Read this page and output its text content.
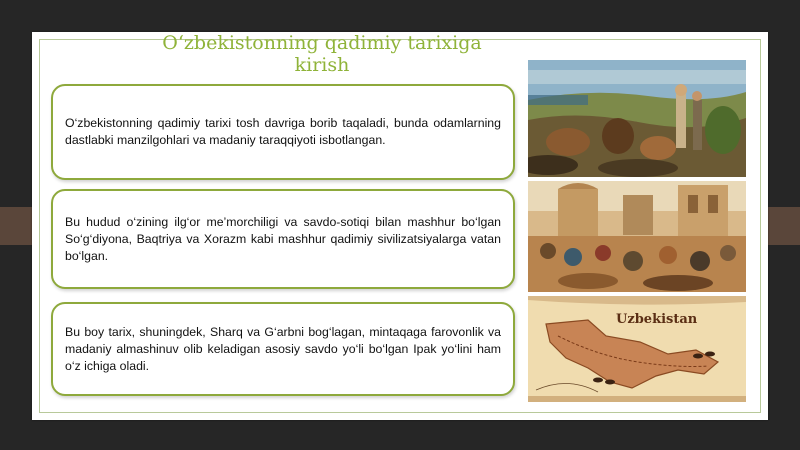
O‘zbekistonning qadimiy tarixiga kirish

O‘zbekistonning qadimiy tarixi tosh davriga borib taqaladi, bunda odamlarning dastlabki manzilgohlari va madaniy taraqqiyoti isbotlangan.

Bu hudud o‘zining ilg‘or me’morchiligi va savdo-sotiqi bilan mashhur bo‘lgan So‘g‘diyona, Baqtriya va Xorazm kabi mashhur qadimiy sivilizatsiyalarga vatan bo‘lgan.

Bu boy tarix, shuningdek, Sharq va G‘arbni bog‘lagan, mintaqaga farovonlik va madaniy almashinuv olib keladigan asosiy savdo yo‘li bo‘lgan Ipak yo‘lini ham o‘z ichiga oladi.

Uzbekistan
